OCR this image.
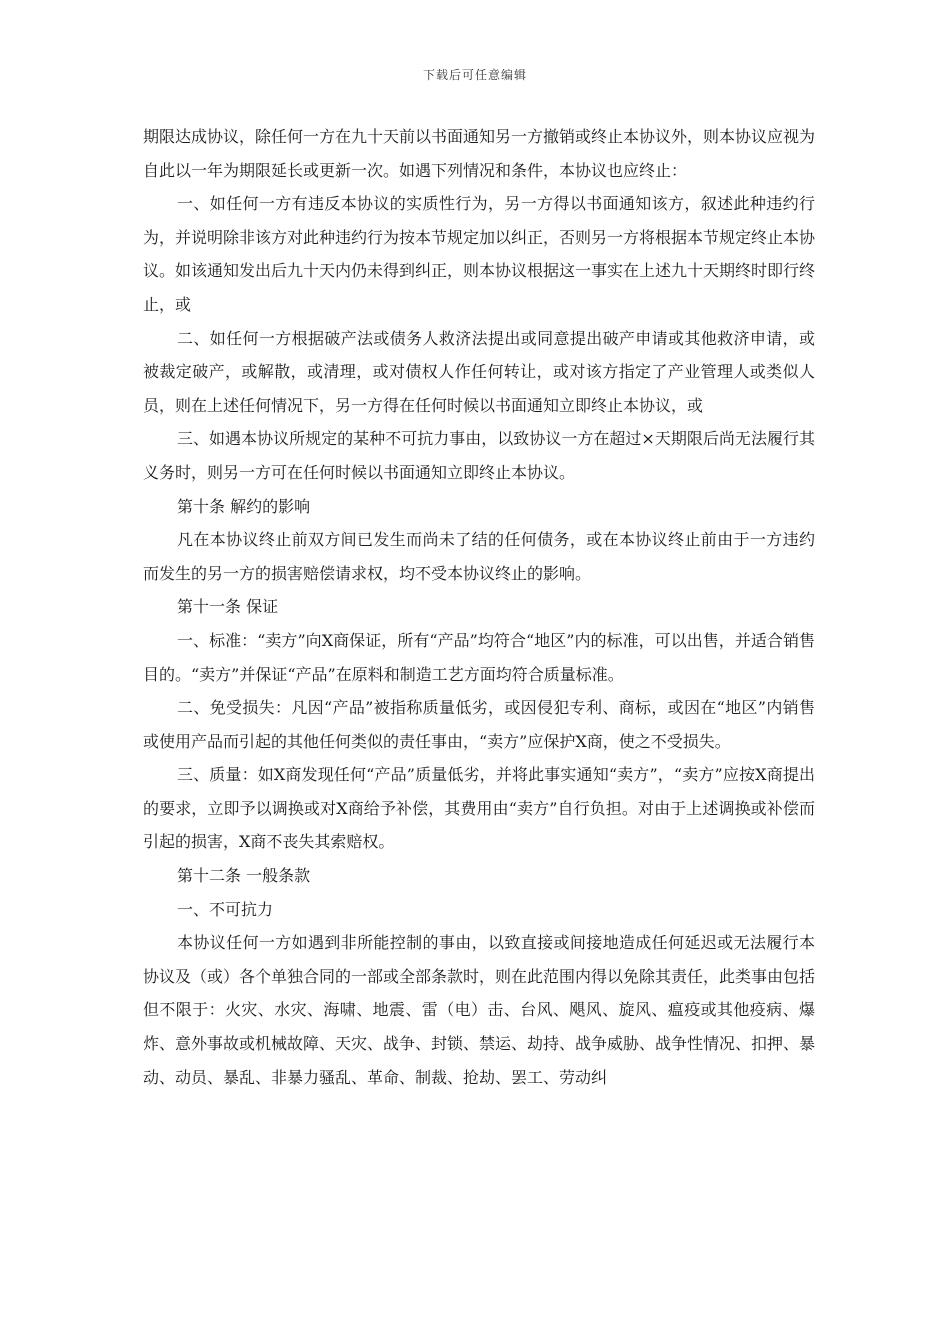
下载后可任意编辑

期限达成协议，除任何一方在九十天前以书面通知另一方撤销或终止本协议外，则本协议应视为自此以一年为期限延长或更新一次。如遇下列情况和条件，本协议也应终止：

一、如任何一方有违反本协议的实质性行为，另一方得以书面通知该方，叙述此种违约行为，并说明除非该方对此种违约行为按本节规定加以纠正，否则另一方将根据本节规定终止本协议。如该通知发出后九十天内仍未得到纠正，则本协议根据这一事实在上述九十天期终时即行终止，或

二、如任何一方根据破产法或债务人救济法提出或同意提出破产申请或其他救济申请，或被裁定破产，或解散，或清理，或对债权人作任何转让，或对该方指定了产业管理人或类似人员，则在上述任何情况下，另一方得在任何时候以书面通知立即终止本协议，或

三、如遇本协议所规定的某种不可抗力事由，以致协议一方在超过×天期限后尚无法履行其义务时，则另一方可在任何时候以书面通知立即终止本协议。

第十条 解约的影响

凡在本协议终止前双方间已发生而尚未了结的任何债务，或在本协议终止前由于一方违约而发生的另一方的损害赔偿请求权，均不受本协议终止的影响。

第十一条 保证

一、标准：“卖方”向X商保证，所有“产品”均符合“地区”内的标准，可以出售，并适合销售目的。“卖方”并保证“产品”在原料和制造工艺方面均符合质量标准。

二、免受损失：凡因“产品”被指称质量低劣，或因侵犯专利、商标，或因在“地区”内销售或使用产品而引起的其他任何类似的责任事由，“卖方”应保护X商，使之不受损失。

三、质量：如X商发现任何“产品”质量低劣，并将此事实通知“卖方”，“卖方”应按X商提出的要求，立即予以调换或对X商给予补偿，其费用由“卖方”自行负担。对由于上述调换或补偿而引起的损害，X商不丧失其索赔权。

第十二条 一般条款

一、不可抗力

本协议任何一方如遇到非所能控制的事由，以致直接或间接地造成任何延迟或无法履行本协议及（或）各个单独合同的一部或全部条款时，则在此范围内得以免除其责任，此类事由包括但不限于：火灾、水灾、海啸、地震、雷（电）击、台风、飓风、旋风、瘟疫或其他疫病、爆炸、意外事故或机械故障、天灾、战争、封锁、禁运、劫持、战争威胁、战争性情况、扣押、暴动、动员、暴乱、非暴力骚乱、革命、制裁、抢劫、罢工、劳动纠
